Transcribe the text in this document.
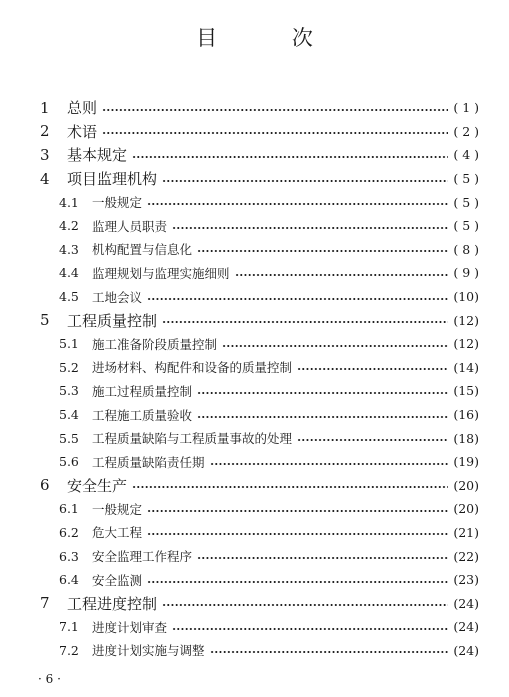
目 次
1	总则	( 1 )
2	术语	( 2 )
3	基本规定	( 4 )
4	项目监理机构	( 5 )
4.1	一般规定	( 5 )
4.2	监理人员职责	( 5 )
4.3	机构配置与信息化	( 8 )
4.4	监理规划与监理实施细则	( 9 )
4.5	工地会议	(10)
5	工程质量控制	(12)
5.1	施工准备阶段质量控制	(12)
5.2	进场材料、构配件和设备的质量控制	(14)
5.3	施工过程质量控制	(15)
5.4	工程施工质量验收	(16)
5.5	工程质量缺陷与工程质量事故的处理	(18)
5.6	工程质量缺陷责任期	(19)
6	安全生产	(20)
6.1	一般规定	(20)
6.2	危大工程	(21)
6.3	安全监理工作程序	(22)
6.4	安全监测	(23)
7	工程进度控制	(24)
7.1	进度计划审查	(24)
7.2	进度计划实施与调整	(24)
· 6 ·
